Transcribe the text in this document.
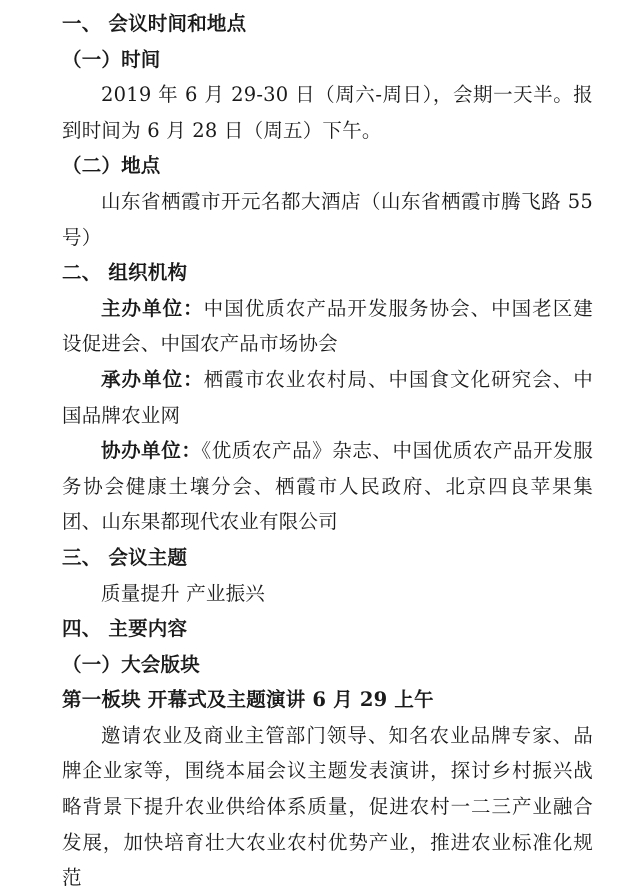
一、 会议时间和地点
（一）时间
2019 年 6 月 29-30 日（周六-周日），会期一天半。报到时间为 6 月 28 日（周五）下午。
（二）地点
山东省栖霞市开元名都大酒店（山东省栖霞市腾飞路 55 号）
二、 组织机构
主办单位：中国优质农产品开发服务协会、中国老区建设促进会、中国农产品市场协会
承办单位：栖霞市农业农村局、中国食文化研究会、中国品牌农业网
协办单位：《优质农产品》杂志、中国优质农产品开发服务协会健康土壤分会、栖霞市人民政府、北京四良苹果集团、山东果都现代农业有限公司
三、 会议主题
质量提升 产业振兴
四、 主要内容
（一）大会版块
第一板块 开幕式及主题演讲 6 月 29 上午
邀请农业及商业主管部门领导、知名农业品牌专家、品牌企业家等，围绕本届会议主题发表演讲，探讨乡村振兴战略背景下提升农业供给体系质量，促进农村一二三产业融合发展，加快培育壮大农业农村优势产业，推进农业标准化规范
